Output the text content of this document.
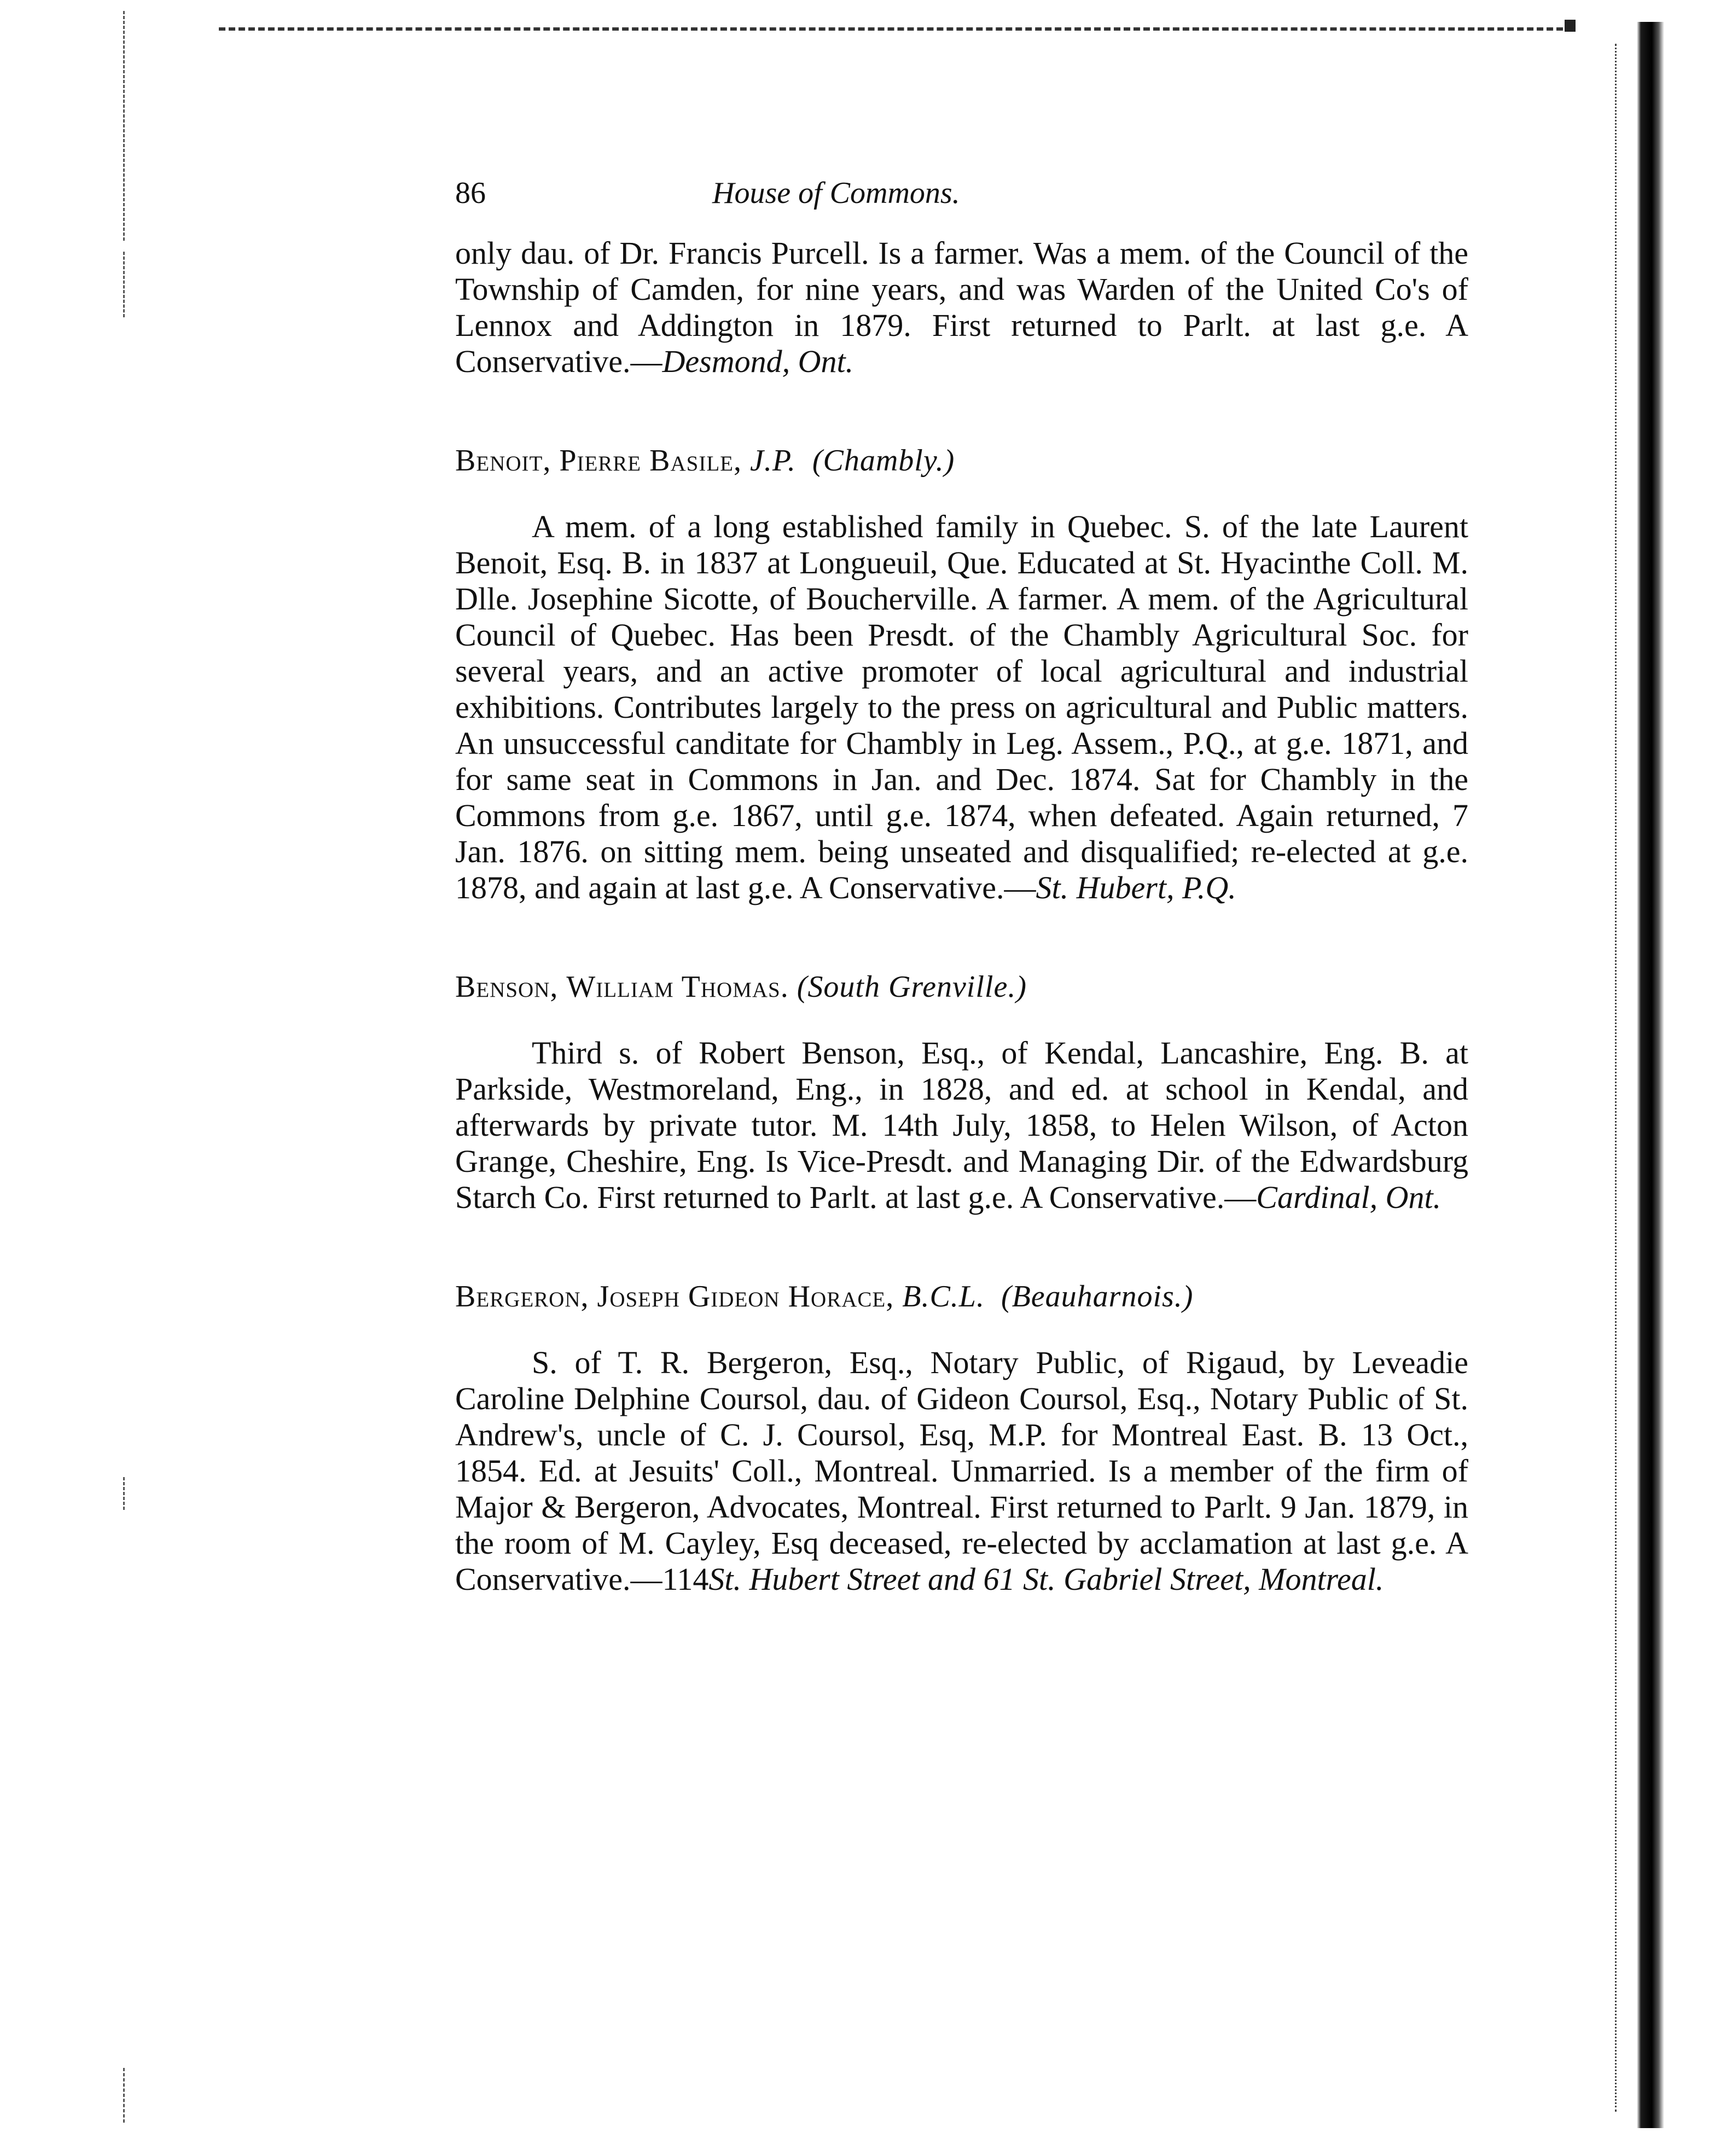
86	House of Commons.
only dau. of Dr. Francis Purcell. Is a farmer. Was a mem. of the Council of the Township of Camden, for nine years, and was Warden of the United Co's of Lennox and Addington in 1879. First returned to Parlt. at last g.e. A Conservative.—Desmond, Ont.
Benoit, Pierre Basile, J.P. (Chambly.)
A mem. of a long established family in Quebec. S. of the late Laurent Benoit, Esq. B. in 1837 at Longueuil, Que. Educated at St. Hyacinthe Coll. M. Dlle. Josephine Sicotte, of Boucherville. A farmer. A mem. of the Agricultural Council of Quebec. Has been Presdt. of the Chambly Agricultural Soc. for several years, and an active promoter of local agricultural and industrial exhibitions. Contributes largely to the press on agricultural and Public matters. An unsuccessful canditate for Chambly in Leg. Assem., P.Q., at g.e. 1871, and for same seat in Commons in Jan. and Dec. 1874. Sat for Chambly in the Commons from g.e. 1867, until g.e. 1874, when defeated. Again returned, 7 Jan. 1876. on sitting mem. being unseated and disqualified; re-elected at g.e. 1878, and again at last g.e. A Conservative.—St. Hubert, P.Q.
Benson, William Thomas. (South Grenville.)
Third s. of Robert Benson, Esq., of Kendal, Lancashire, Eng. B. at Parkside, Westmoreland, Eng., in 1828, and ed. at school in Kendal, and afterwards by private tutor. M. 14th July, 1858, to Helen Wilson, of Acton Grange, Cheshire, Eng. Is Vice-Presdt. and Managing Dir. of the Edwardsburg Starch Co. First returned to Parlt. at last g.e. A Conservative.—Cardinal, Ont.
Bergeron, Joseph Gideon Horace, B.C.L. (Beauharnois.)
S. of T. R. Bergeron, Esq., Notary Public, of Rigaud, by Leveadie Caroline Delphine Coursol, dau. of Gideon Coursol, Esq., Notary Public of St. Andrew's, uncle of C. J. Coursol, Esq, M.P. for Montreal East. B. 13 Oct., 1854. Ed. at Jesuits' Coll., Montreal. Unmarried. Is a member of the firm of Major & Bergeron, Advocates, Montreal. First returned to Parlt. 9 Jan. 1879, in the room of M. Cayley, Esq deceased, re-elected by acclamation at last g.e. A Conservative.—114St. Hubert Street and 61 St. Gabriel Street, Montreal.
